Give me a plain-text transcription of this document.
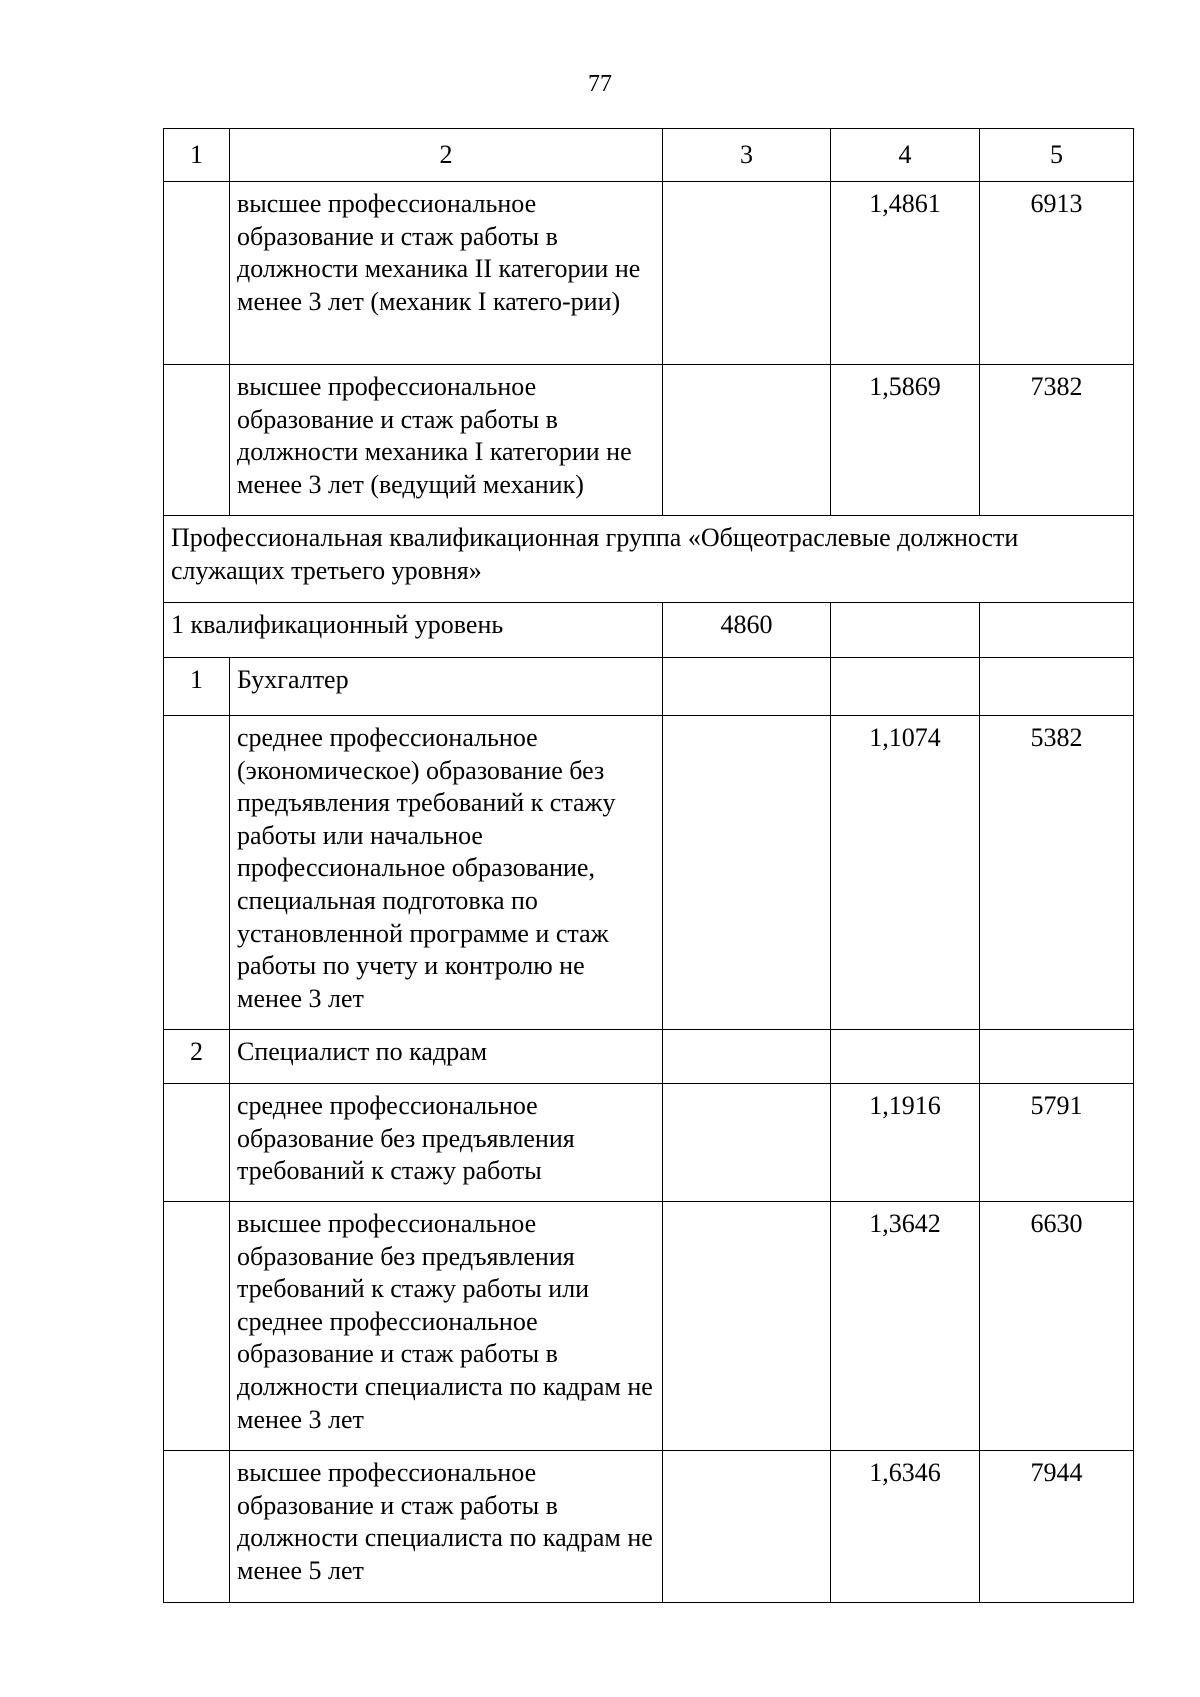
77
1	2	3	4	5
	высшее профессиональное образование и стаж работы в должности механика II категории не менее 3 лет (механик I катего-рии)		1,4861	6913
	высшее профессиональное образование и стаж работы в должности механика I категории не менее 3 лет (ведущий механик)		1,5869	7382
Профессиональная квалификационная группа «Общеотраслевые должности служащих третьего уровня»				
1 квалификационный уровень		4860		
1	Бухгалтер			
	среднее профессиональное (экономическое) образование без предъявления требований к стажу работы или начальное профессиональное образование, специальная подготовка по установленной программе и стаж работы по учету и контролю не менее 3 лет		1,1074	5382
2	Специалист по кадрам			
	среднее профессиональное образование без предъявления требований к стажу работы		1,1916	5791
	высшее профессиональное образование без предъявления требований к стажу работы или среднее профессиональное образование и стаж работы в должности специалиста по кадрам не менее 3 лет		1,3642	6630
	высшее профессиональное образование и стаж работы в должности специалиста по кадрам не менее 5 лет		1,6346	7944
